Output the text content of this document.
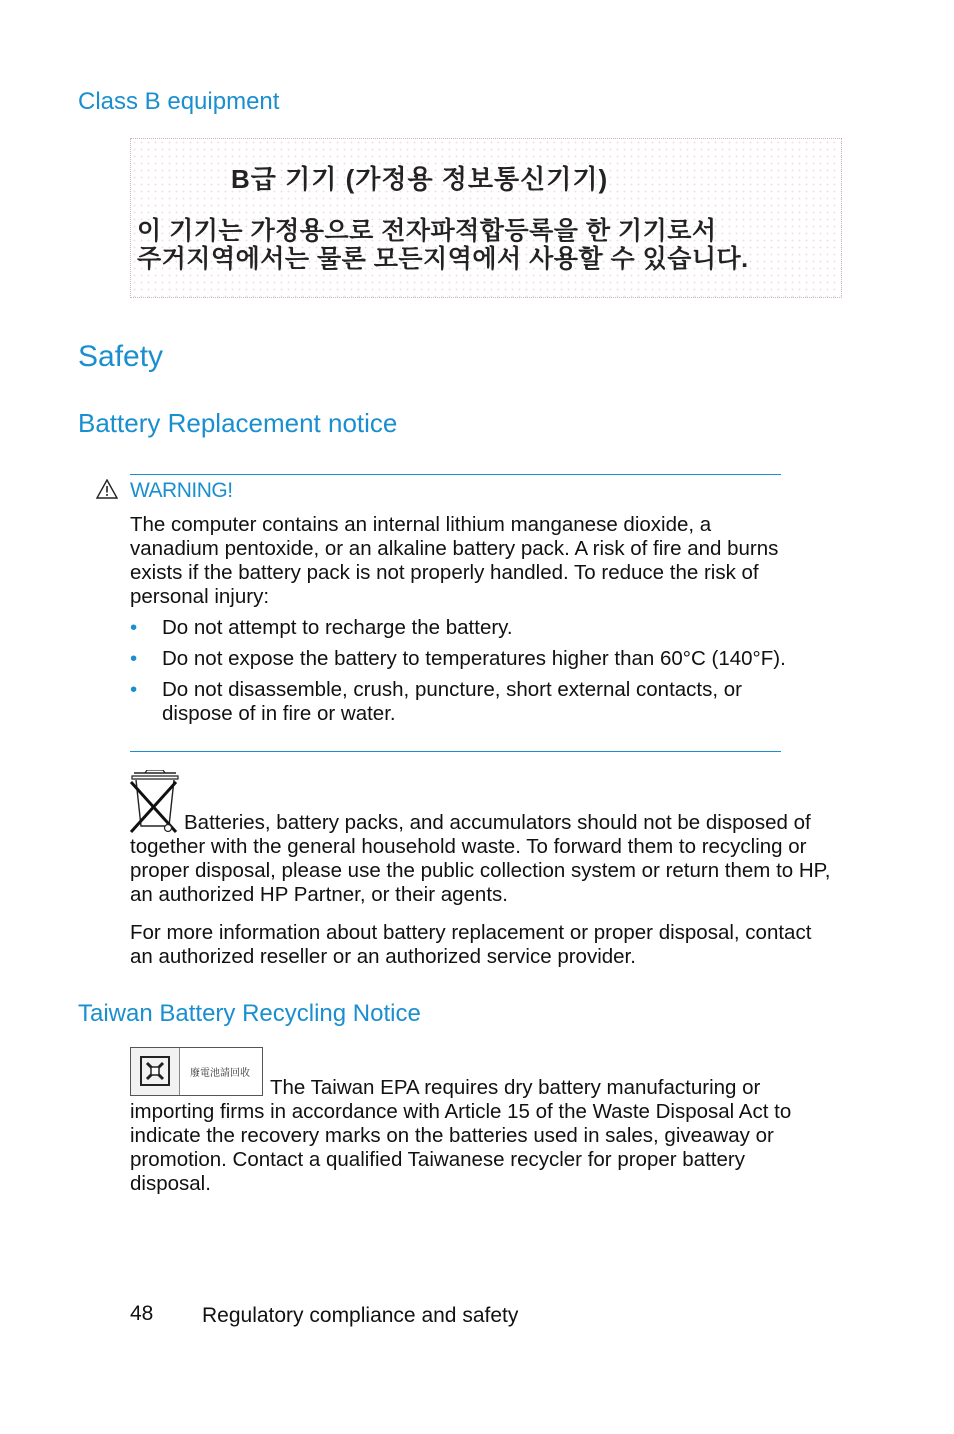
Class B equipment
B급 기기 (가정용 정보통신기기)
이 기기는 가정용으로 전자파적합등록을 한 기기로서
주거지역에서는 물론 모든지역에서 사용할 수 있습니다.
Safety
Battery Replacement notice
WARNING!
The computer contains an internal lithium manganese dioxide, a vanadium pentoxide, or an alkaline battery pack. A risk of fire and burns exists if the battery pack is not properly handled. To reduce the risk of personal injury:
• Do not attempt to recharge the battery.
• Do not expose the battery to temperatures higher than 60°C (140°F).
• Do not disassemble, crush, puncture, short external contacts, or dispose of in fire or water.
Batteries, battery packs, and accumulators should not be disposed of together with the general household waste. To forward them to recycling or proper disposal, please use the public collection system or return them to HP, an authorized HP Partner, or their agents.
For more information about battery replacement or proper disposal, contact an authorized reseller or an authorized service provider.
Taiwan Battery Recycling Notice
廢電池請回收
The Taiwan EPA requires dry battery manufacturing or importing firms in accordance with Article 15 of the Waste Disposal Act to indicate the recovery marks on the batteries used in sales, giveaway or promotion. Contact a qualified Taiwanese recycler for proper battery disposal.
48 Regulatory compliance and safety
